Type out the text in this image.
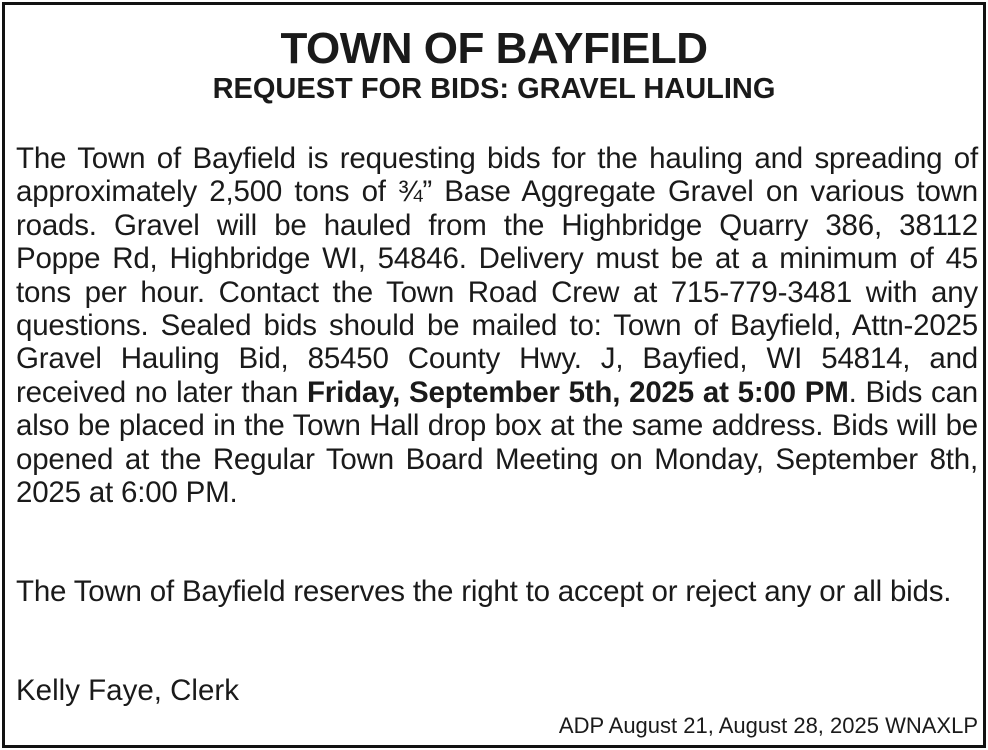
TOWN OF BAYFIELD
REQUEST FOR BIDS: GRAVEL HAULING

The Town of Bayfield is requesting bids for the hauling and spreading of approximately 2,500 tons of ¾” Base Aggregate Gravel on various town roads. Gravel will be hauled from the Highbridge Quarry 386, 38112 Poppe Rd, Highbridge WI, 54846. Delivery must be at a minimum of 45 tons per hour. Contact the Town Road Crew at 715-779-3481 with any questions. Sealed bids should be mailed to: Town of Bayfield, Attn-2025 Gravel Hauling Bid, 85450 County Hwy. J, Bayfied, WI 54814, and received no later than Friday, September 5th, 2025 at 5:00 PM. Bids can also be placed in the Town Hall drop box at the same address. Bids will be opened at the Regular Town Board Meeting on Monday, September 8th, 2025 at 6:00 PM.

The Town of Bayfield reserves the right to accept or reject any or all bids.

Kelly Faye, Clerk

ADP August 21, August 28, 2025 WNAXLP
